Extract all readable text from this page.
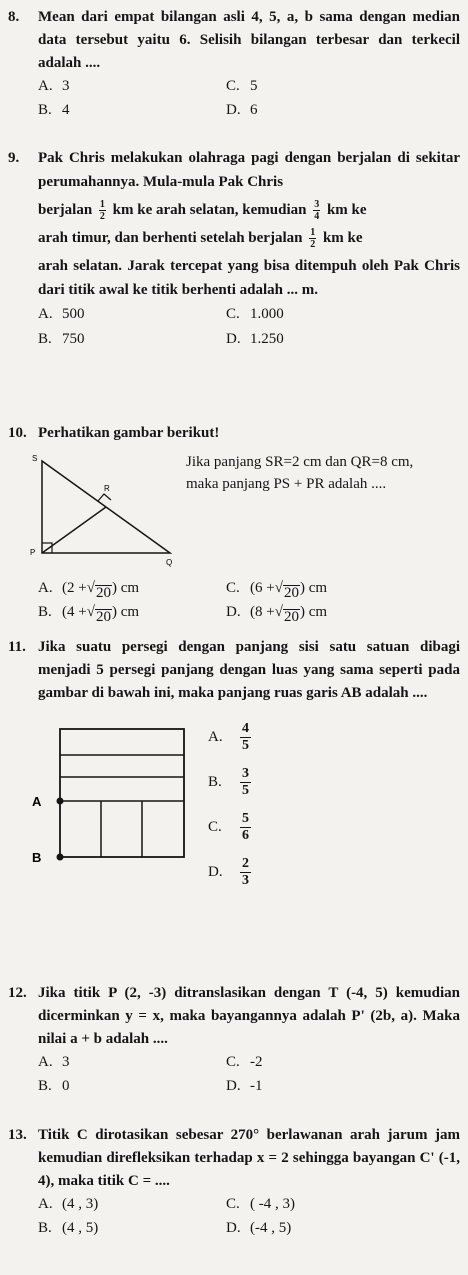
8.	Mean dari empat bilangan asli 4, 5, a, b sama dengan median data tersebut yaitu 6. Selisih bilangan terbesar dan terkecil adalah ....
A. 3	C. 5
B. 4	D. 6
9.	Pak Chris melakukan olahraga pagi dengan berjalan di sekitar perumahannya. Mula-mula Pak Chris
berjalan $\frac{1}{2}$ km ke arah selatan, kemudian $\frac{3}{4}$ km ke
arah timur, dan berhenti setelah berjalan $\frac{1}{2}$ km ke
arah selatan. Jarak tercepat yang bisa ditempuh oleh Pak Chris dari titik awal ke titik berhenti adalah ... m.
A. 500	C. 1.000
B. 750	D. 1.250
10. Perhatikan gambar berikut!
S
R
P
Q
Jika panjang SR=2 cm dan QR=8 cm, maka panjang PS + PR adalah ....
A. (2 + √ 20 ) cm	C. (6 + √ 20 ) cm
B. (4 + √ 20 ) cm	D. (8 + √ 20 ) cm
11. Jika suatu persegi dengan panjang sisi satu satuan dibagi menjadi 5 persegi panjang dengan luas yang sama seperti pada gambar di bawah ini, maka panjang ruas garis AB adalah ....
A
B
A.
4
5
B.
3
5
C.
5
6
D.
2
3
12. Jika titik P (2, -3) ditranslasikan dengan T (-4, 5) kemudian dicerminkan y = x, maka bayangannya adalah P' (2b, a). Maka nilai a + b adalah ....
A. 3	C. -2
B. 0	D. -1
13. Titik C dirotasikan sebesar 270° berlawanan arah jarum jam kemudian direfleksikan terhadap x = 2 sehingga bayangan C' (-1, 4), maka titik C = ....
A. (4 , 3)	C. ( -4 , 3)
B. (4 , 5)	D. (-4 , 5)
